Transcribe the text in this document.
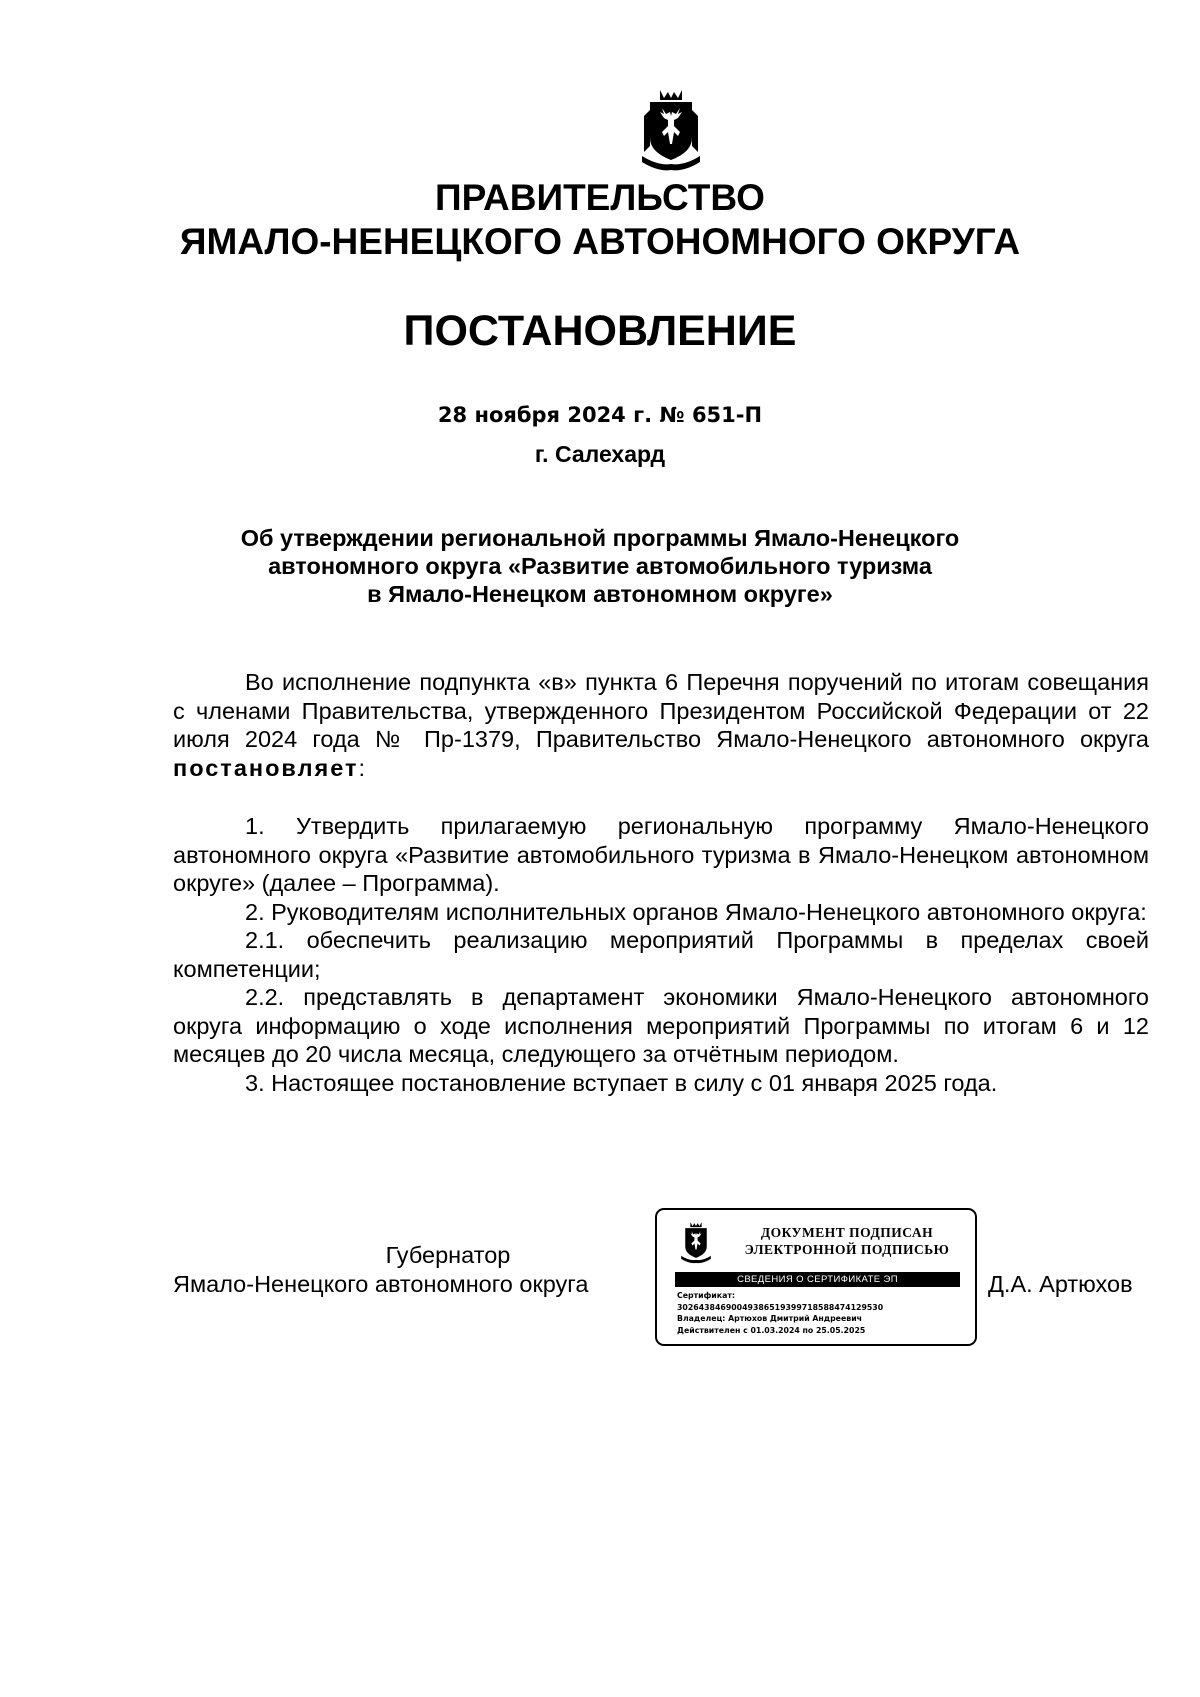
ПРАВИТЕЛЬСТВО
ЯМАЛО-НЕНЕЦКОГО АВТОНОМНОГО ОКРУГА
ПОСТАНОВЛЕНИЕ
28 ноября 2024 г. № 651-П
г. Салехард
Об утверждении региональной программы Ямало-Ненецкого
автономного округа «Развитие автомобильного туризма
в Ямало-Ненецком автономном округе»

Во исполнение подпункта «в» пункта 6 Перечня поручений по итогам совещания с членами Правительства, утвержденного Президентом Российской Федерации от 22 июля 2024 года № Пр-1379, Правительство Ямало-Ненецкого автономного округа постановляет:

1. Утвердить прилагаемую региональную программу Ямало-Ненецкого автономного округа «Развитие автомобильного туризма в Ямало-Ненецком автономном округе» (далее – Программа).

2. Руководителям исполнительных органов Ямало-Ненецкого автономного округа:

2.1. обеспечить реализацию мероприятий Программы в пределах своей компетенции;

2.2. представлять в департамент экономики Ямало-Ненецкого автономного округа информацию о ходе исполнения мероприятий Программы по итогам 6 и 12 месяцев до 20 числа месяца, следующего за отчётным периодом.

3. Настоящее постановление вступает в силу с 01 января 2025 года.

Губернатор
Ямало-Ненецкого автономного округа
ДОКУМЕНТ ПОДПИСАН
ЭЛЕКТРОННОЙ ПОДПИСЬЮ
СВЕДЕНИЯ О СЕРТИФИКАТЕ ЭП
Сертификат:
30264384690049386519399718588474129530
Владелец: Артюхов Дмитрий Андреевич
Действителен с 01.03.2024 по 25.05.2025
Д.А. Артюхов
